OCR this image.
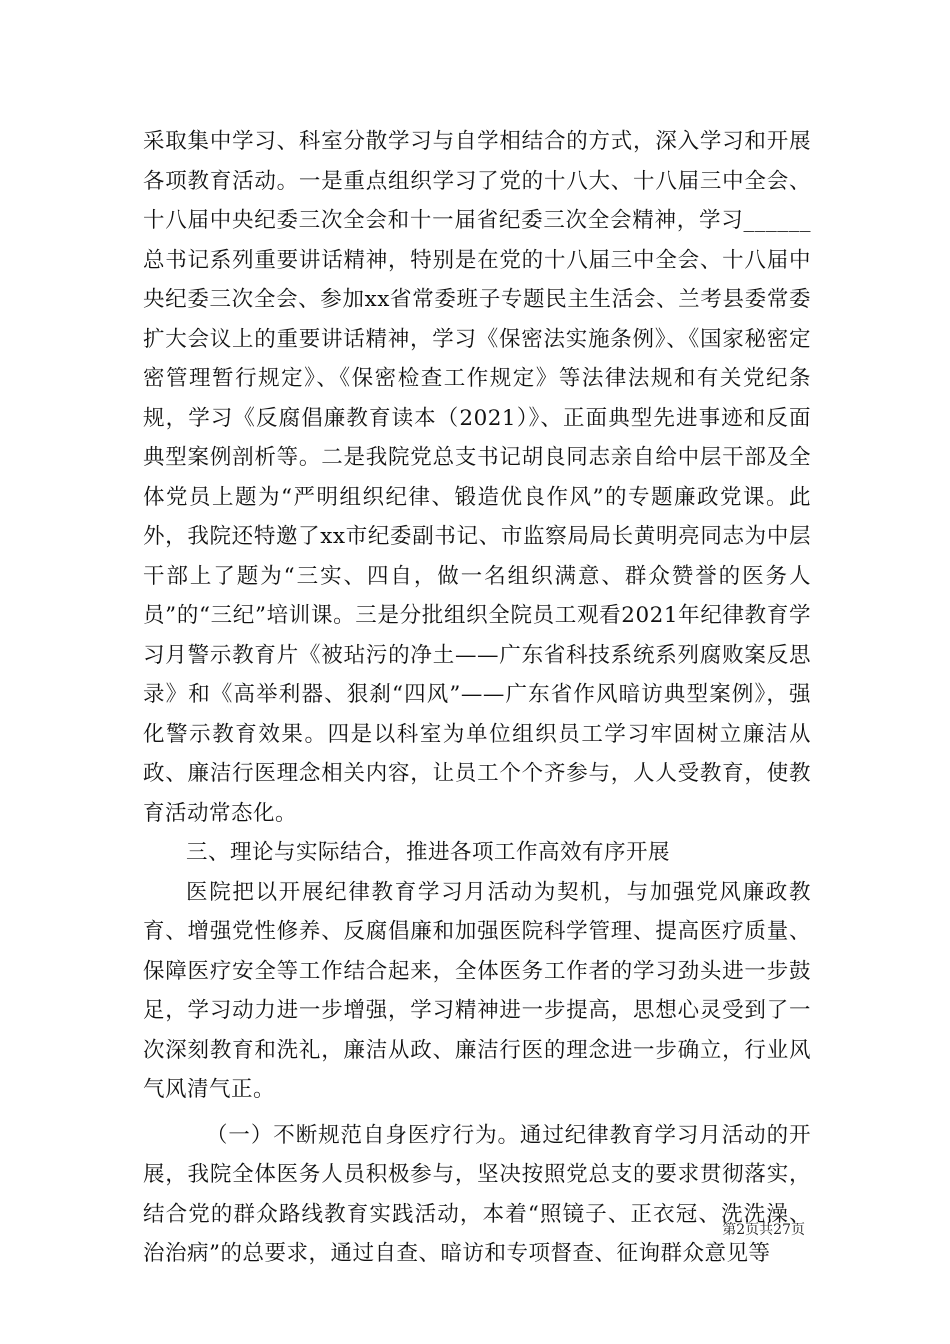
采取集中学习、科室分散学习与自学相结合的方式，深入学习和开展各项教育活动。一是重点组织学习了党的十八大、十八届三中全会、十八届中央纪委三次全会和十一届省纪委三次全会精神，学习______总书记系列重要讲话精神，特别是在党的十八届三中全会、十八届中央纪委三次全会、参加xx省常委班子专题民主生活会、兰考县委常委扩大会议上的重要讲话精神，学习《保密法实施条例》、《国家秘密定密管理暂行规定》、《保密检查工作规定》等法律法规和有关党纪条规，学习《反腐倡廉教育读本（2021）》、正面典型先进事迹和反面典型案例剖析等。二是我院党总支书记胡良同志亲自给中层干部及全体党员上题为“严明组织纪律、锻造优良作风”的专题廉政党课。此外，我院还特邀了xx市纪委副书记、市监察局局长黄明亮同志为中层干部上了题为“三实、四自，做一名组织满意、群众赞誉的医务人员”的“三纪”培训课。三是分批组织全院员工观看2021年纪律教育学习月警示教育片《被玷污的净土——广东省科技系统系列腐败案反思录》和《高举利器、狠刹“四风”——广东省作风暗访典型案例》，强化警示教育效果。四是以科室为单位组织员工学习牢固树立廉洁从政、廉洁行医理念相关内容，让员工个个齐参与，人人受教育，使教育活动常态化。

三、理论与实际结合，推进各项工作高效有序开展

医院把以开展纪律教育学习月活动为契机，与加强党风廉政教育、增强党性修养、反腐倡廉和加强医院科学管理、提高医疗质量、保障医疗安全等工作结合起来，全体医务工作者的学习劲头进一步鼓足，学习动力进一步增强，学习精神进一步提高，思想心灵受到了一次深刻教育和洗礼，廉洁从政、廉洁行医的理念进一步确立，行业风气风清气正。

（一）不断规范自身医疗行为。通过纪律教育学习月活动的开展，我院全体医务人员积极参与，坚决按照党总支的要求贯彻落实，结合党的群众路线教育实践活动，本着“照镜子、正衣冠、洗洗澡、治治病”的总要求，通过自查、暗访和专项督查、征询群众意见等

第2页共27页
